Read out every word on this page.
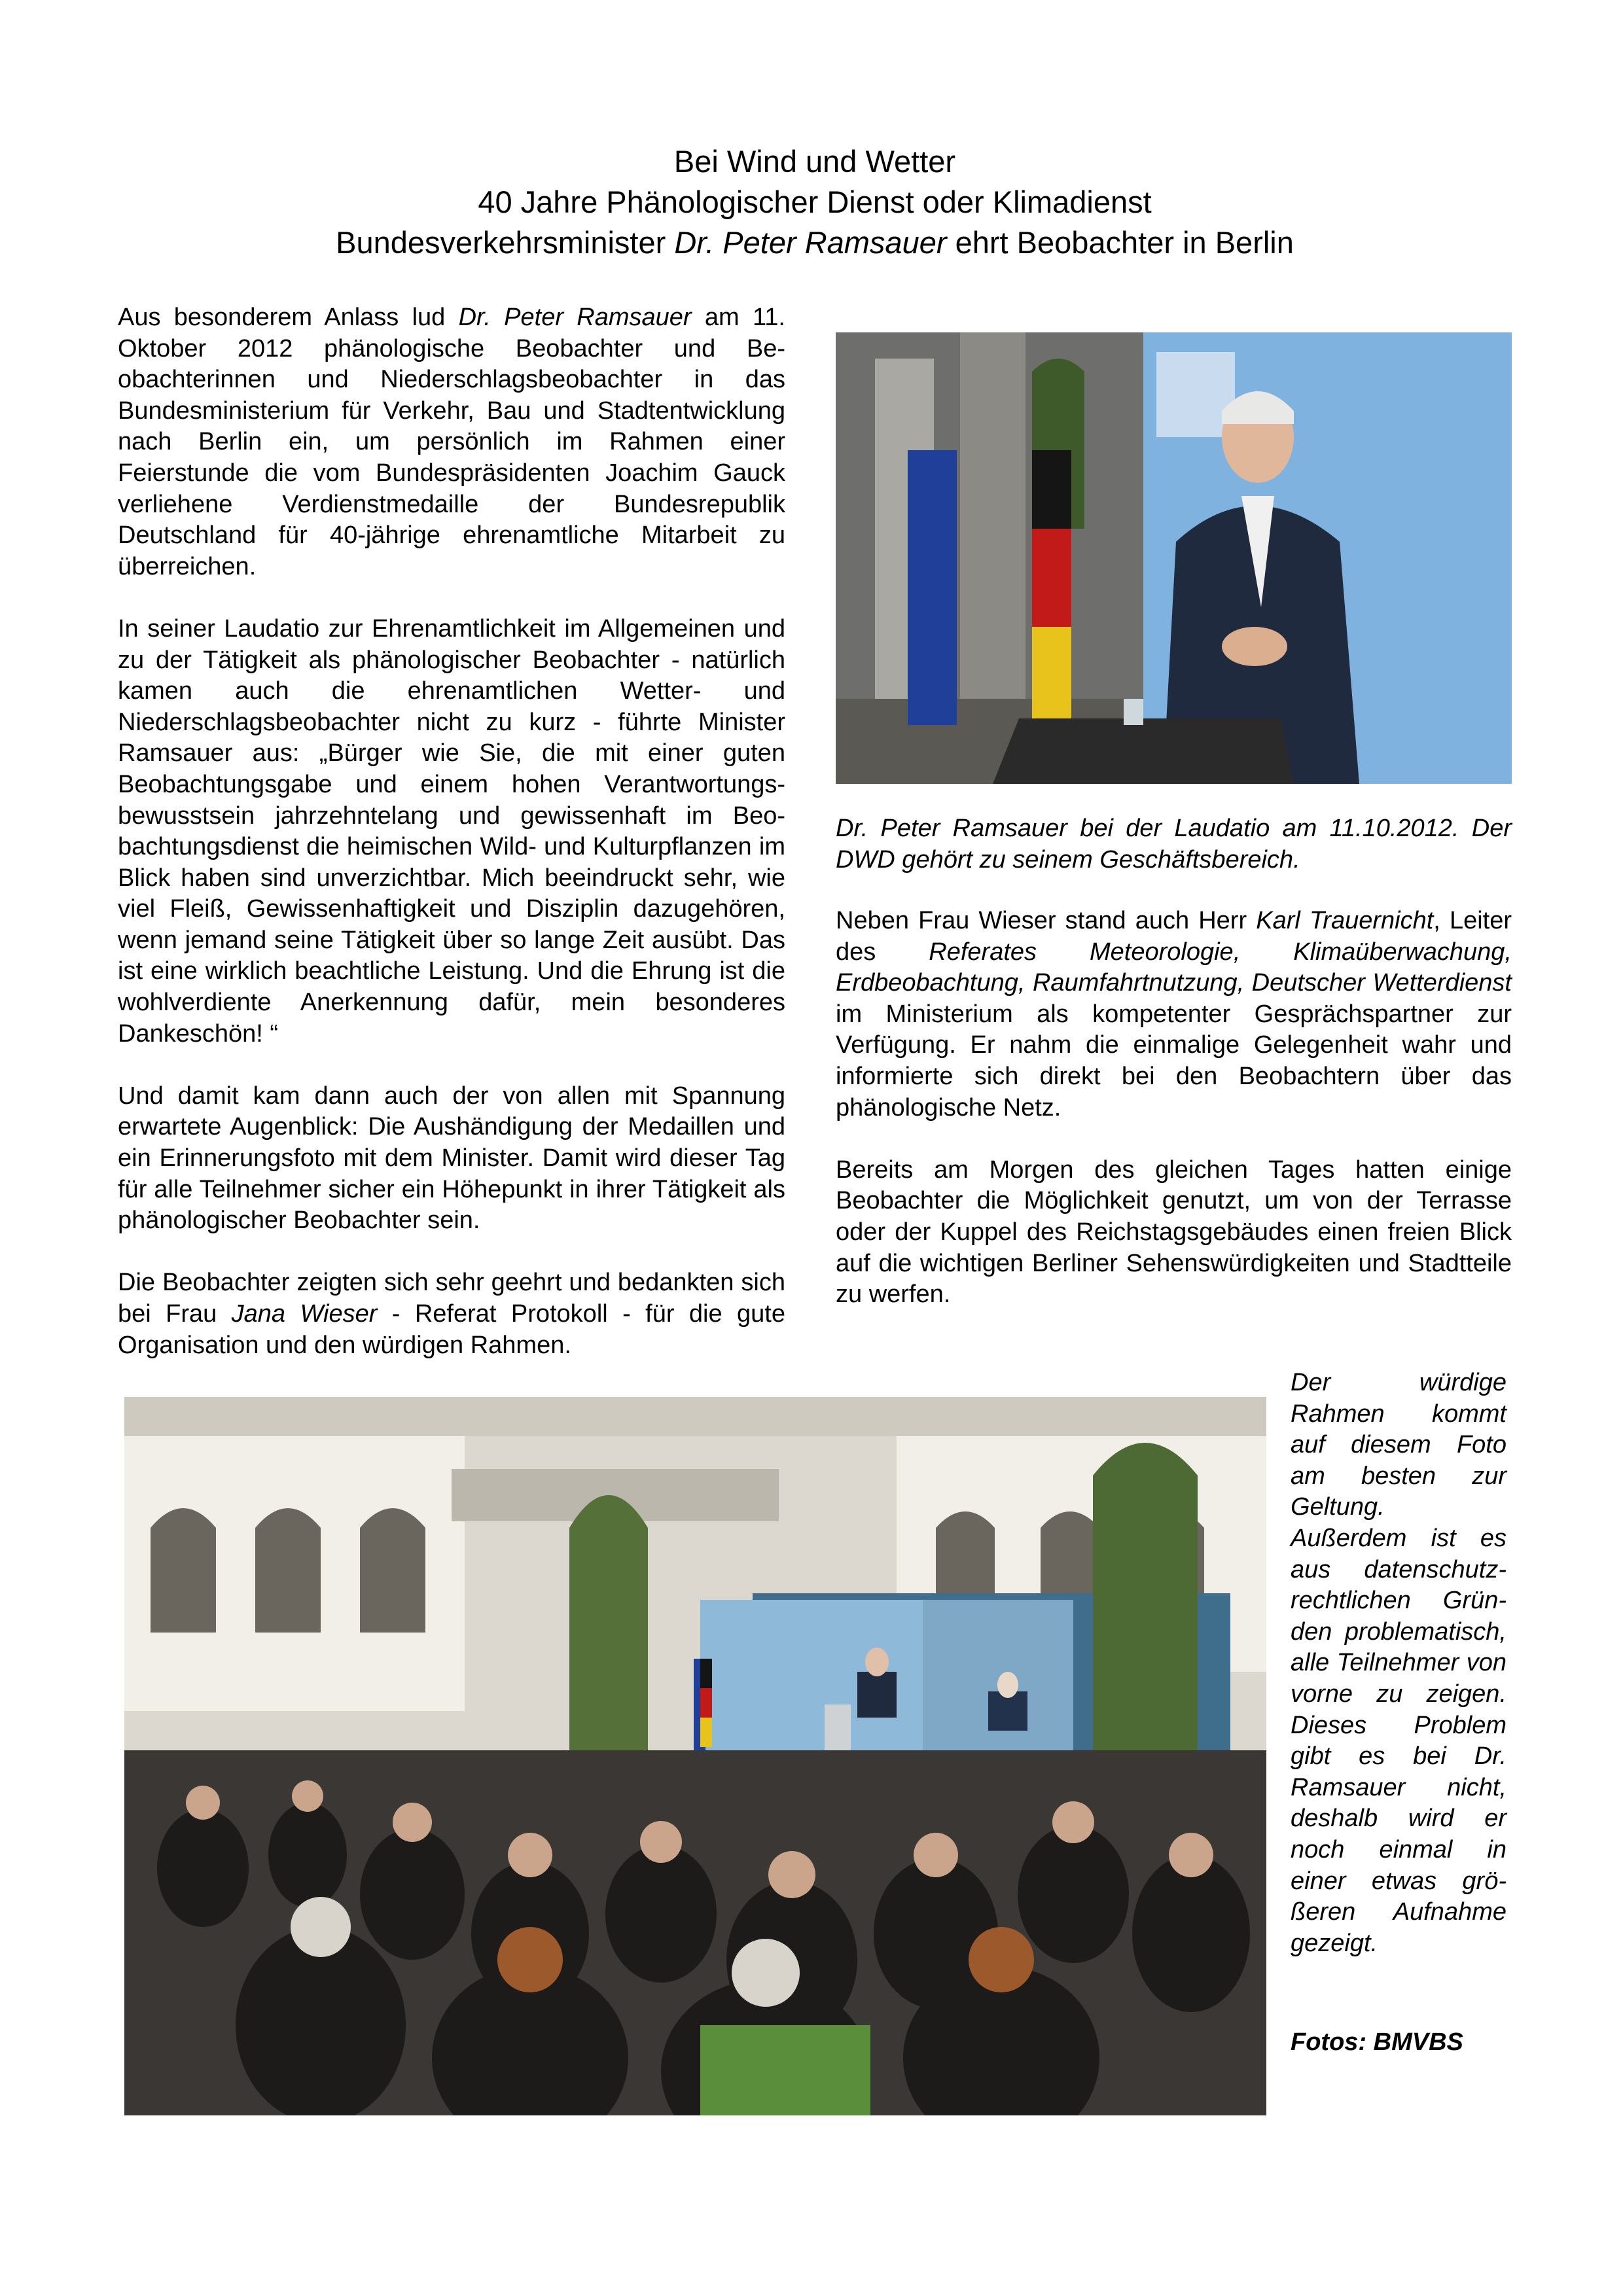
Bei Wind und Wetter
40 Jahre Phänologischer Dienst oder Klimadienst
Bundesverkehrsminister Dr. Peter Ramsauer ehrt Beobachter in Berlin

Aus besonderem Anlass lud Dr. Peter Ramsauer am 11. Oktober 2012 phänologische Beobachter und Beobachterinnen und Niederschlagsbeobachter in das Bundesministerium für Verkehr, Bau und Stadtentwicklung nach Berlin ein, um persönlich im Rahmen einer Feierstunde die vom Bundespräsidenten Joachim Gauck verliehene Verdienstmedaille der Bundesrepublik Deutschland für 40-jährige ehrenamtliche Mitarbeit zu überreichen.

In seiner Laudatio zur Ehrenamtlichkeit im Allgemeinen und zu der Tätigkeit als phänologischer Beobachter - natürlich kamen auch die ehrenamtlichen Wetter- und Niederschlagsbeobachter nicht zu kurz - führte Minister Ramsauer aus: „Bürger wie Sie, die mit einer guten Beobachtungsgabe und einem hohen Verantwortungsbewusstsein jahrzehntelang und gewissenhaft im Beobachtungsdienst die heimischen Wild- und Kulturpflanzen im Blick haben sind unverzichtbar. Mich beeindruckt sehr, wie viel Fleiß, Gewissenhaftigkeit und Disziplin dazugehören, wenn jemand seine Tätigkeit über so lange Zeit ausübt. Das ist eine wirklich beachtliche Leistung. Und die Ehrung ist die wohlverdiente Anerkennung dafür, mein besonderes Dankeschön! “

Und damit kam dann auch der von allen mit Spannung erwartete Augenblick: Die Aushändigung der Medaillen und ein Erinnerungsfoto mit dem Minister. Damit wird dieser Tag für alle Teilnehmer sicher ein Höhepunkt in ihrer Tätigkeit als phänologischer Beobachter sein.

Die Beobachter zeigten sich sehr geehrt und bedankten sich bei Frau Jana Wieser - Referat Protokoll - für die gute Organisation und den würdigen Rahmen.

Dr. Peter Ramsauer bei der Laudatio am 11.10.2012. Der DWD gehört zu seinem Geschäftsbereich.

Neben Frau Wieser stand auch Herr Karl Trauernicht, Leiter des Referates Meteorologie, Klimaüberwachung, Erdbeobachtung, Raumfahrtnutzung, Deutscher Wetterdienst im Ministerium als kompetenter Gesprächspartner zur Verfügung. Er nahm die einmalige Gelegenheit wahr und informierte sich direkt bei den Beobachtern über das phänologische Netz.

Bereits am Morgen des gleichen Tages hatten einige Beobachter die Möglichkeit genutzt, um von der Terrasse oder der Kuppel des Reichstagsgebäudes einen freien Blick auf die wichtigen Berliner Sehenswürdigkeiten und Stadtteile zu werfen.

Der würdige Rahmen kommt auf diesem Foto am besten zur Geltung. Außerdem ist es aus datenschutzrechtlichen Gründen problematisch, alle Teilnehmer von vorne zu zeigen. Dieses Problem gibt es bei Dr. Ramsauer nicht, deshalb wird er noch einmal in einer etwas größeren Aufnahme gezeigt.
Fotos: BMVBS
